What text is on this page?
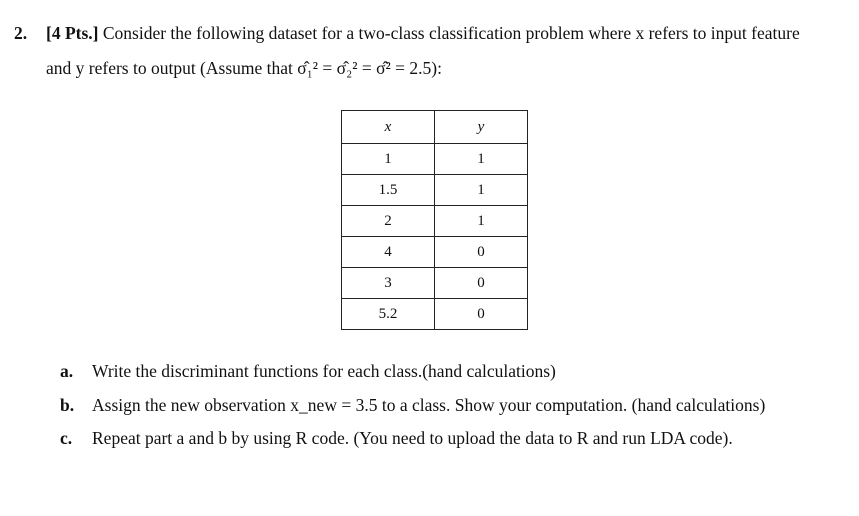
2. [4 Pts.] Consider the following dataset for a two-class classification problem where x refers to input feature
and y refers to output (Assume that σ̂₁² = σ̂₂² = σ̂² = 2.5):
x	y
1	1
1.5	1
2	1
4	0
3	0
5.2	0
a. Write the discriminant functions for each class.(hand calculations)
b. Assign the new observation x_new = 3.5 to a class. Show your computation. (hand calculations)
c. Repeat part a and b by using R code. (You need to upload the data to R and run LDA code).
